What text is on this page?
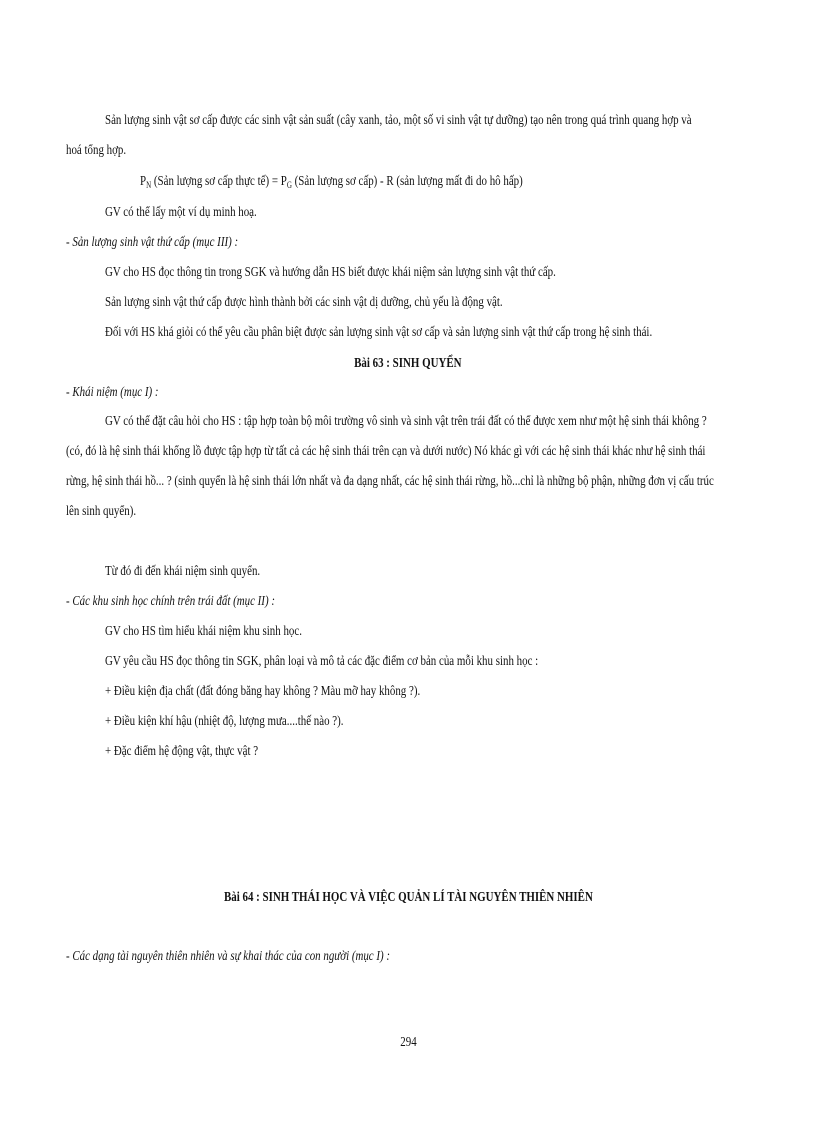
Sản lượng sinh vật sơ cấp được các sinh vật sản suất (cây xanh, tảo, một số vi sinh vật tự dưỡng) tạo nên trong quá trình quang hợp và
hoá tổng hợp.
$P_N$ (Sản lượng sơ cấp thực tế) = $P_G$ (Sản lượng sơ cấp) - R (sản lượng mất đi do hô hấp)
GV có thể lấy một ví dụ minh hoạ.
- Sản lượng sinh vật thứ cấp (mục III) :
GV cho HS đọc thông tin trong SGK và hướng dẫn HS biết được khái niệm sản lượng sinh vật thứ cấp.
Sản lượng sinh vật thứ cấp được hình thành bởi các sinh vật dị dưỡng, chủ yếu là động vật.
Đối với HS khá giỏi có thể yêu cầu phân biệt được sản lượng sinh vật sơ cấp và sản lượng sinh vật thứ cấp trong hệ sinh thái.
Bài 63 : SINH QUYỂN
- Khái niệm (mục I) :
GV có thể đặt câu hỏi cho HS : tập hợp toàn bộ môi trường vô sinh và sinh vật trên trái đất có thể được xem như một hệ sinh thái không ?
(có, đó là hệ sinh thái khổng lồ được tập hợp từ tất cả các hệ sinh thái trên cạn và dưới nước) Nó khác gì với các hệ sinh thái khác như hệ sinh thái
rừng, hệ sinh thái hồ... ? (sinh quyển là hệ sinh thái lớn nhất và đa dạng nhất, các hệ sinh thái rừng, hồ...chỉ là những bộ phận, những đơn vị cấu trúc
lên sinh quyển).
Từ đó đi đến khái niệm sinh quyển.
- Các khu sinh học chính trên trái đất (mục II) :
GV cho HS tìm hiểu khái niệm khu sinh học.
GV yêu cầu HS đọc thông tin SGK, phân loại và mô tả các đặc điểm cơ bản của mỗi khu sinh học :
+ Điều kiện địa chất (đất đóng băng hay không ? Màu mỡ hay không ?).
+ Điều kiện khí hậu (nhiệt độ, lượng mưa....thế nào ?).
+ Đặc điểm hệ động vật, thực vật ?
Bài 64 : SINH THÁI HỌC VÀ VIỆC QUẢN LÍ TÀI NGUYÊN THIÊN NHIÊN
- Các dạng tài nguyên thiên nhiên và sự khai thác của con người (mục I) :
294
